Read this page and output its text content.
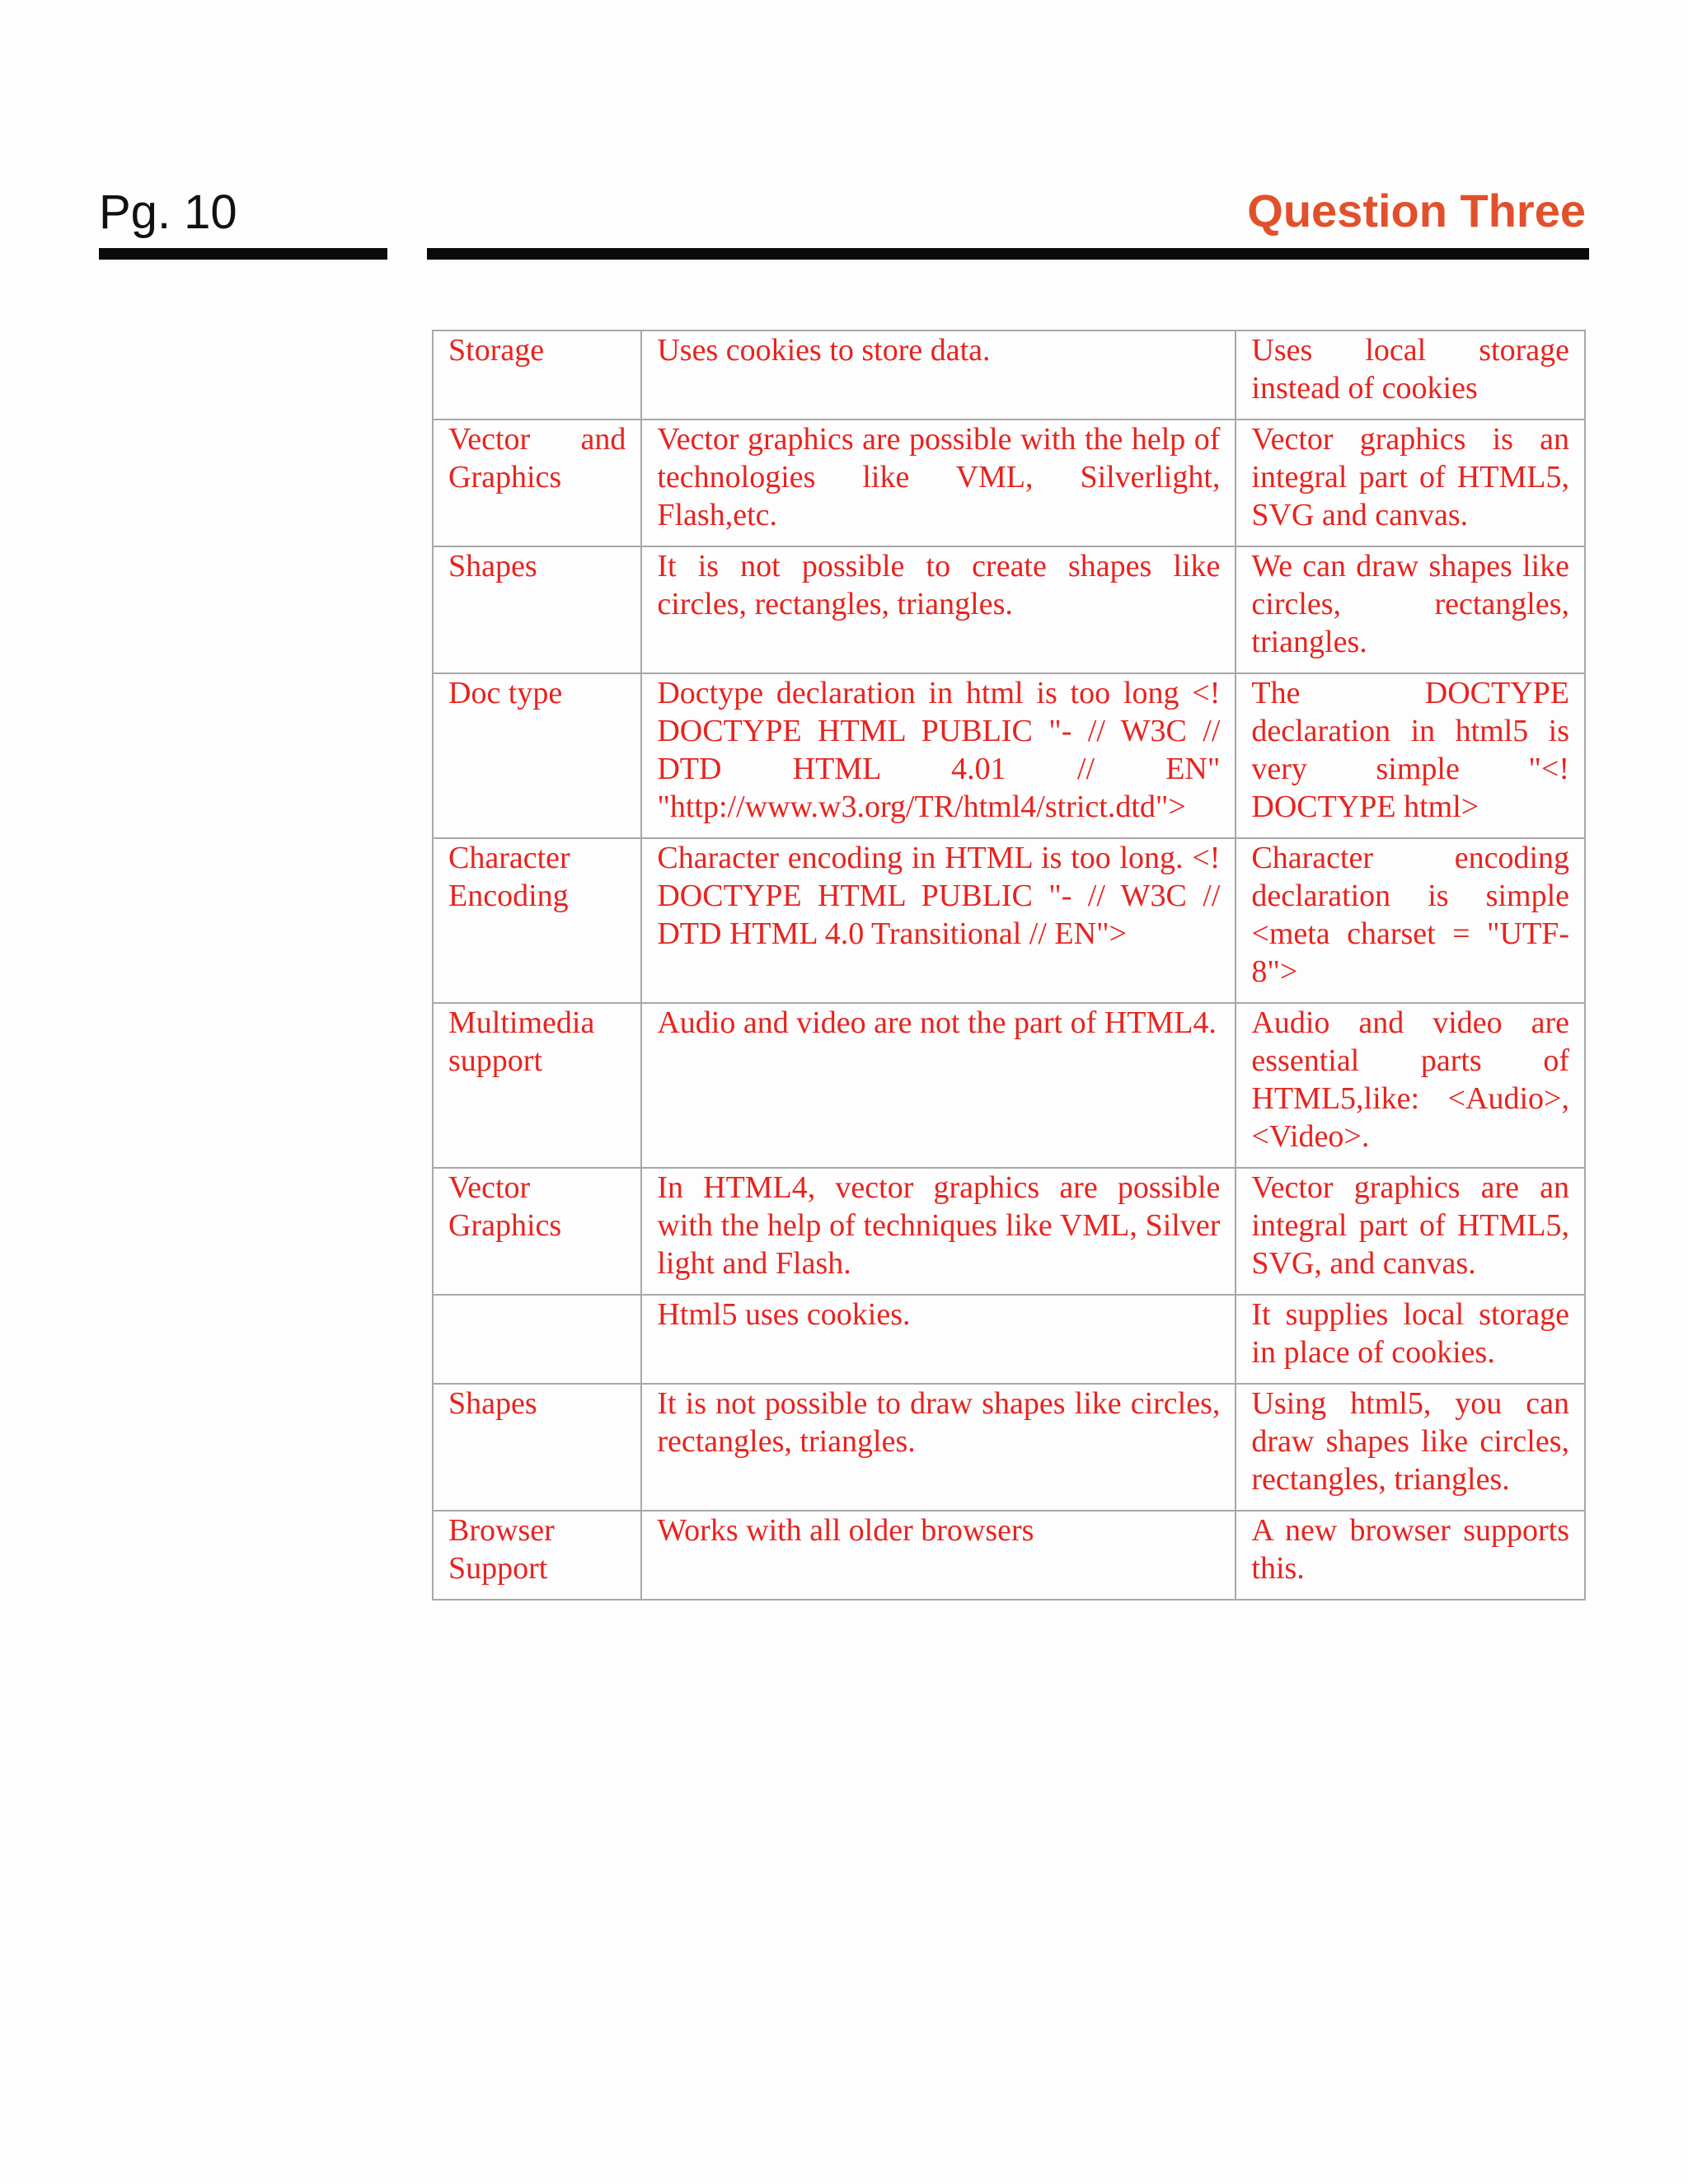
Pg. 10	Question Three
Storage	Uses cookies to store data.	Uses local storage instead of cookies
Vector and Graphics	Vector graphics are possible with the help of technologies like VML, Silverlight, Flash,etc.	Vector graphics is an integral part of HTML5, SVG and canvas.
Shapes	It is not possible to create shapes like circles, rectangles, triangles.	We can draw shapes like circles, rectangles, triangles.
Doc type	Doctype declaration in html is too long <! DOCTYPE HTML PUBLIC "- // W3C // DTD HTML 4.01 // EN" "http://www.w3.org/TR/html4/strict.dtd">	The DOCTYPE declaration in html5 is very simple "<! DOCTYPE html>
Character Encoding	Character encoding in HTML is too long. <! DOCTYPE HTML PUBLIC "- // W3C // DTD HTML 4.0 Transitional // EN">	Character encoding declaration is simple <meta charset = "UTF-8">
Multimedia support	Audio and video are not the part of HTML4.	Audio and video are essential parts of HTML5,like: <Audio>, <Video>.
Vector Graphics	In HTML4, vector graphics are possible with the help of techniques like VML, Silver light and Flash.	Vector graphics are an integral part of HTML5, SVG, and canvas.
	Html5 uses cookies.	It supplies local storage in place of cookies.
Shapes	It is not possible to draw shapes like circles, rectangles, triangles.	Using html5, you can draw shapes like circles, rectangles, triangles.
Browser Support	Works with all older browsers	A new browser supports this.
